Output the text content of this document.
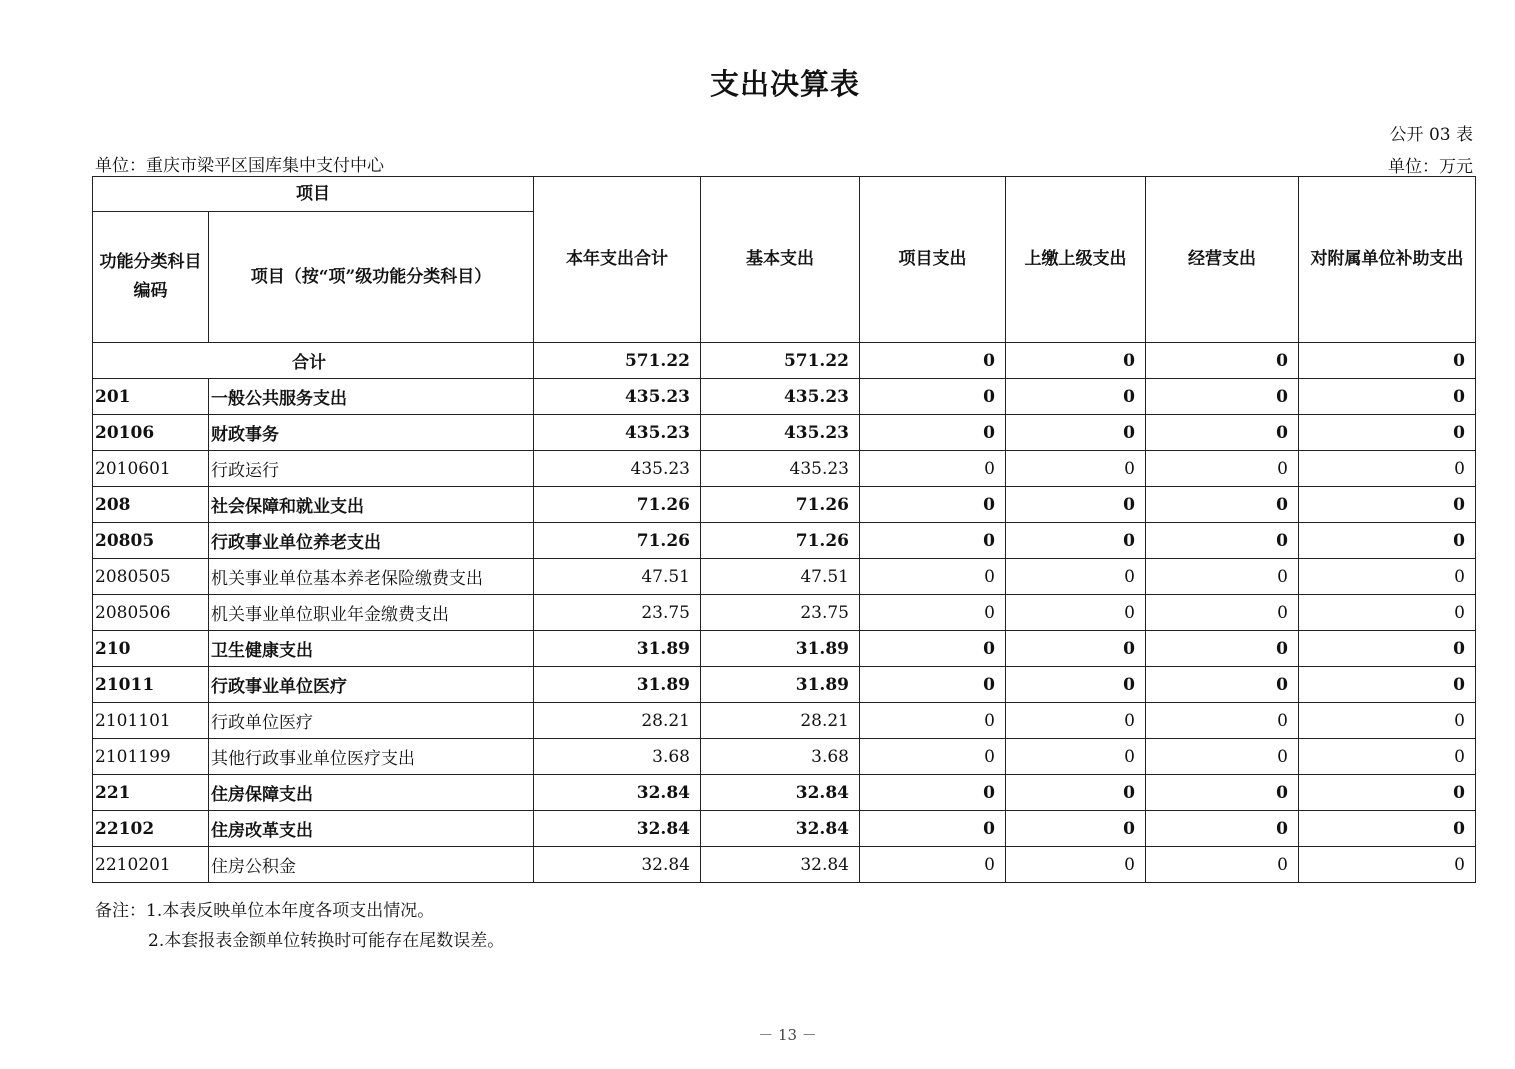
支出决算表
公开 03 表
单位：重庆市梁平区国库集中支付中心	单位：万元
项目		本年支出合计	基本支出	项目支出	上缴上级支出	经营支出	对附属单位补助支出
功能分类科目编码	项目（按“项”级功能分类科目）						
合计		571.22	571.22	0	0	0	0
201	一般公共服务支出	435.23	435.23	0	0	0	0
20106	财政事务	435.23	435.23	0	0	0	0
2010601	行政运行	435.23	435.23	0	0	0	0
208	社会保障和就业支出	71.26	71.26	0	0	0	0
20805	行政事业单位养老支出	71.26	71.26	0	0	0	0
2080505	机关事业单位基本养老保险缴费支出	47.51	47.51	0	0	0	0
2080506	机关事业单位职业年金缴费支出	23.75	23.75	0	0	0	0
210	卫生健康支出	31.89	31.89	0	0	0	0
21011	行政事业单位医疗	31.89	31.89	0	0	0	0
2101101	行政单位医疗	28.21	28.21	0	0	0	0
2101199	其他行政事业单位医疗支出	3.68	3.68	0	0	0	0
221	住房保障支出	32.84	32.84	0	0	0	0
22102	住房改革支出	32.84	32.84	0	0	0	0
2210201	住房公积金	32.84	32.84	0	0	0	0
备注：1.本表反映单位本年度各项支出情况。
2.本套报表金额单位转换时可能存在尾数误差。
－ 13 －
